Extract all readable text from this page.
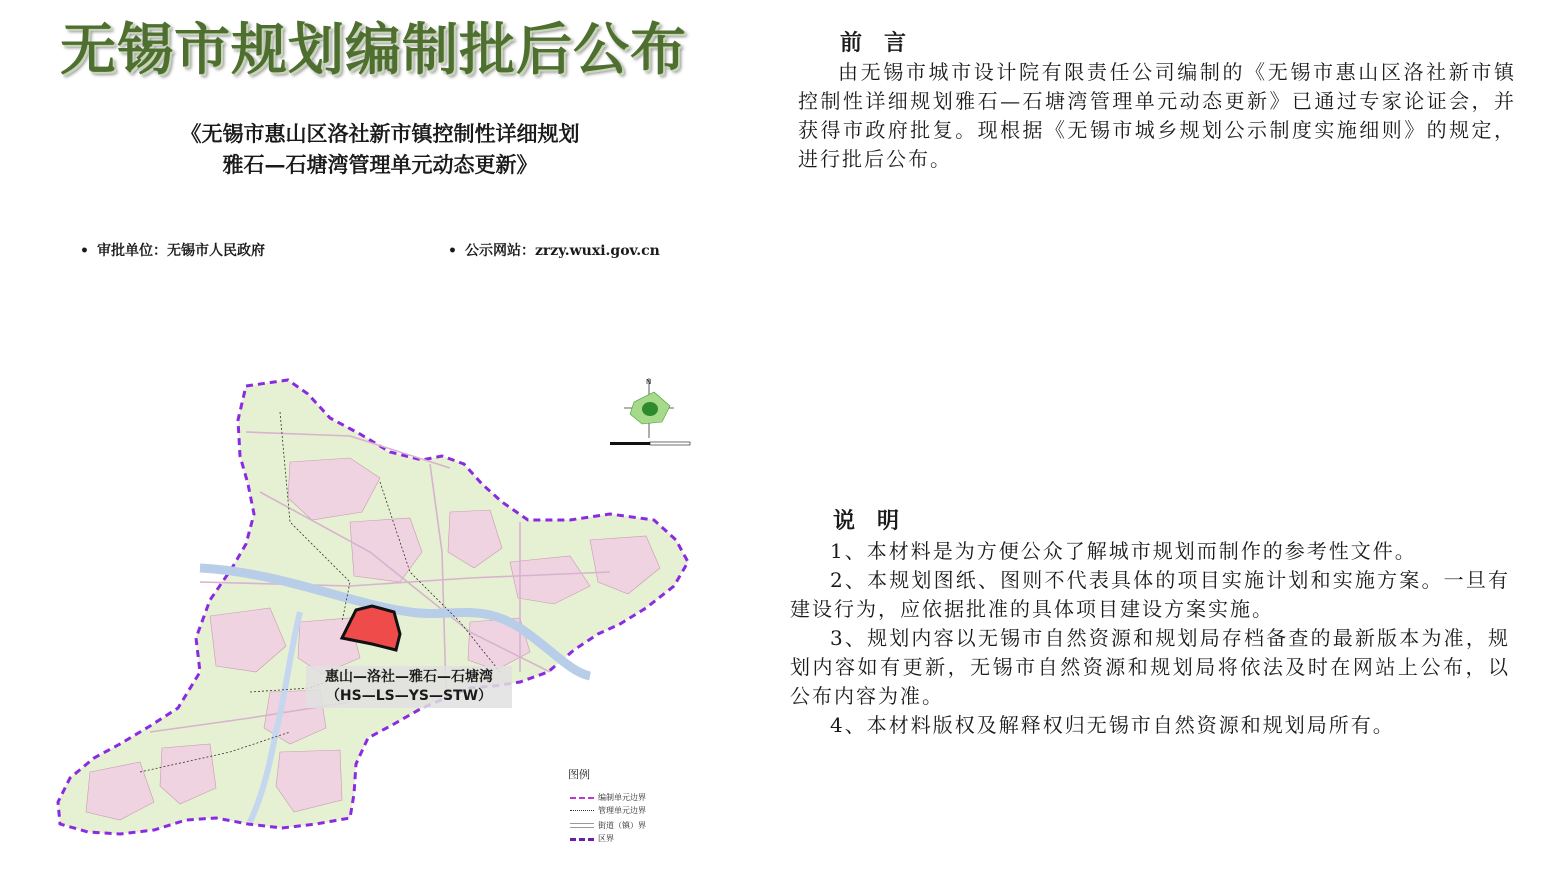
无锡市规划编制批后公布
《无锡市惠山区洛社新市镇控制性详细规划
雅石—石塘湾管理单元动态更新》
• 审批单位：无锡市人民政府	• 公示网站：zrzy.wuxi.gov.cn
N
惠山—洛社—雅石—石塘湾
（HS—LS—YS—STW）
图例
编制单元边界
管理单元边界
街道（镇）界
区界
前言
由无锡市城市设计院有限责任公司编制的《无锡市惠山区洛社新市镇控制性详细规划雅石—石塘湾管理单元动态更新》已通过专家论证会，并获得市政府批复。现根据《无锡市城乡规划公示制度实施细则》的规定，进行批后公布。
说明
1、本材料是为方便公众了解城市规划而制作的参考性文件。
2、本规划图纸、图则不代表具体的项目实施计划和实施方案。一旦有建设行为，应依据批准的具体项目建设方案实施。
3、规划内容以无锡市自然资源和规划局存档备查的最新版本为准，规划内容如有更新，无锡市自然资源和规划局将依法及时在网站上公布，以公布内容为准。
4、本材料版权及解释权归无锡市自然资源和规划局所有。
